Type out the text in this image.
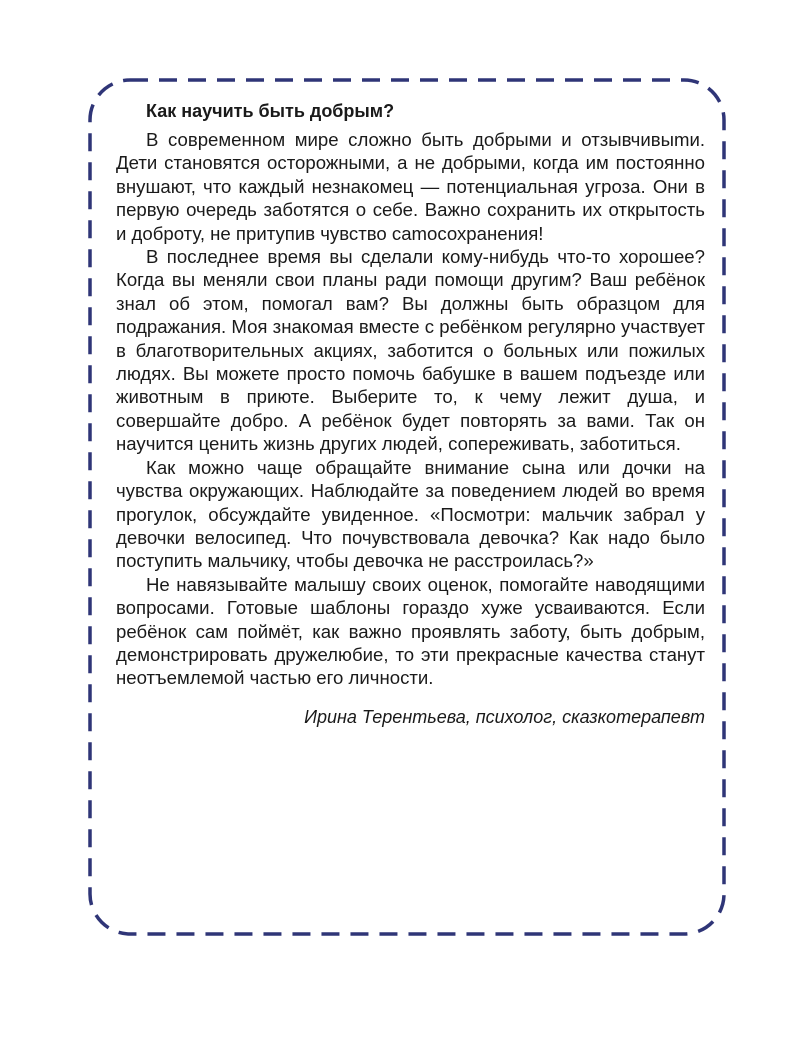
Как научить быть добрым?

В современном мире сложно быть добрыми и отзывчивыmи. Дети становятся осторожными, а не добрыми, когда им постоянно внушают, что каждый незнакомец — потенциальная угроза. Они в первую очередь заботятся о себе. Важно сохранить их открытость и доброту, не притупив чувство саmосохранения!

В последнее время вы сделали кому-нибудь что-то хорошее? Когда вы меняли свои планы ради помощи другим? Ваш ребёнок знал об этом, помогал вам? Вы должны быть образцом для подражания. Моя знакомая вместе с ребёнком регулярно участвует в благотворительных акциях, заботится о больных или пожилых людях. Вы можете просто помочь бабушке в вашем подъезде или животным в приюте. Выберите то, к чему лежит душа, и совершайте добро. А ребёнок будет повторять за вами. Так он научится ценить жизнь других людей, сопереживать, заботиться.

Как можно чаще обращайте внимание сына или дочки на чувства окружающих. Наблюдайте за поведением людей во время прогулок, обсуждайте увиденное. «Посмотри: мальчик забрал у девочки велосипед. Что почувствовала девочка? Как надо было поступить мальчику, чтобы девочка не расстроилась?»

Не навязывайте малышу своих оценок, помогайте наводящими вопросами. Готовые шаблоны гораздо хуже усваиваются. Если ребёнок сам поймёт, как важно проявлять заботу, быть добрым, демонстрировать дружелюбие, то эти прекрасные качества станут неотъемлемой частью его личности.

Ирина Терентьева, психолог, сказкотерапевт
